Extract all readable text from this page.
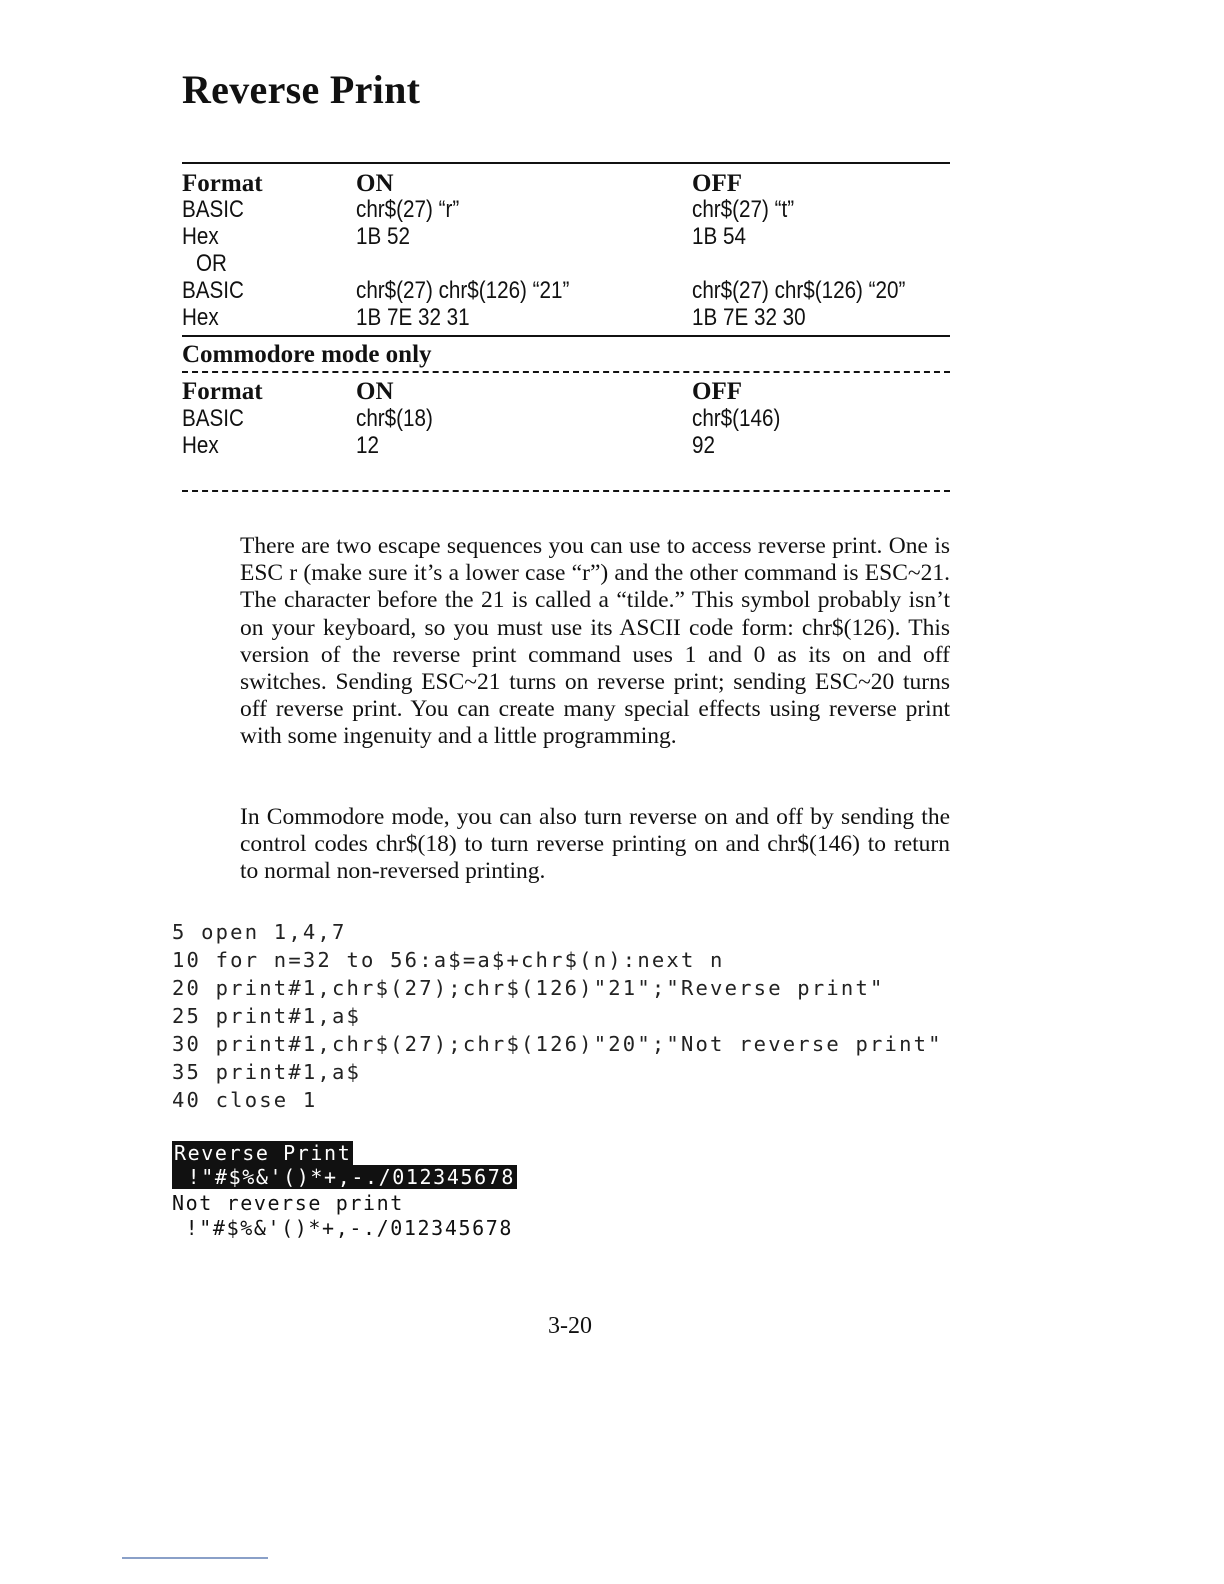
Reverse Print
Format	ON	OFF
BASIC	chr$(27) “r”	chr$(27) “t”
Hex	1B 52	1B 54
OR
BASIC	chr$(27) chr$(126) “21”	chr$(27) chr$(126) “20”
Hex	1B 7E 32 31	1B 7E 32 30
Commodore mode only
Format	ON	OFF
BASIC	chr$(18)	chr$(146)
Hex	12	92

There are two escape sequences you can use to access reverse print. One is ESC r (make sure it’s a lower case “r”) and the other command is ESC~21. The character before the 21 is called a “tilde.” This symbol probably isn’t on your keyboard, so you must use its ASCII code form: chr$(126). This version of the reverse print command uses 1 and 0 as its on and off switches. Sending ESC~21 turns on reverse print; sending ESC~20 turns off reverse print. You can create many special effects using reverse print with some ingenuity and a little programming.

In Commodore mode, you can also turn reverse on and off by sending the control codes chr$(18) to turn reverse printing on and chr$(146) to return to normal non-reversed printing.

5 open 1,4,7
10 for n=32 to 56:a$=a$+chr$(n):next n
20 print#1,chr$(27);chr$(126)"21";"Reverse print"
25 print#1,a$
30 print#1,chr$(27);chr$(126)"20";"Not reverse print"
35 print#1,a$
40 close 1
Reverse Print
!"#$%&'()*+,-./012345678
Not reverse print
!"#$%&'()*+,-./012345678
3-20
